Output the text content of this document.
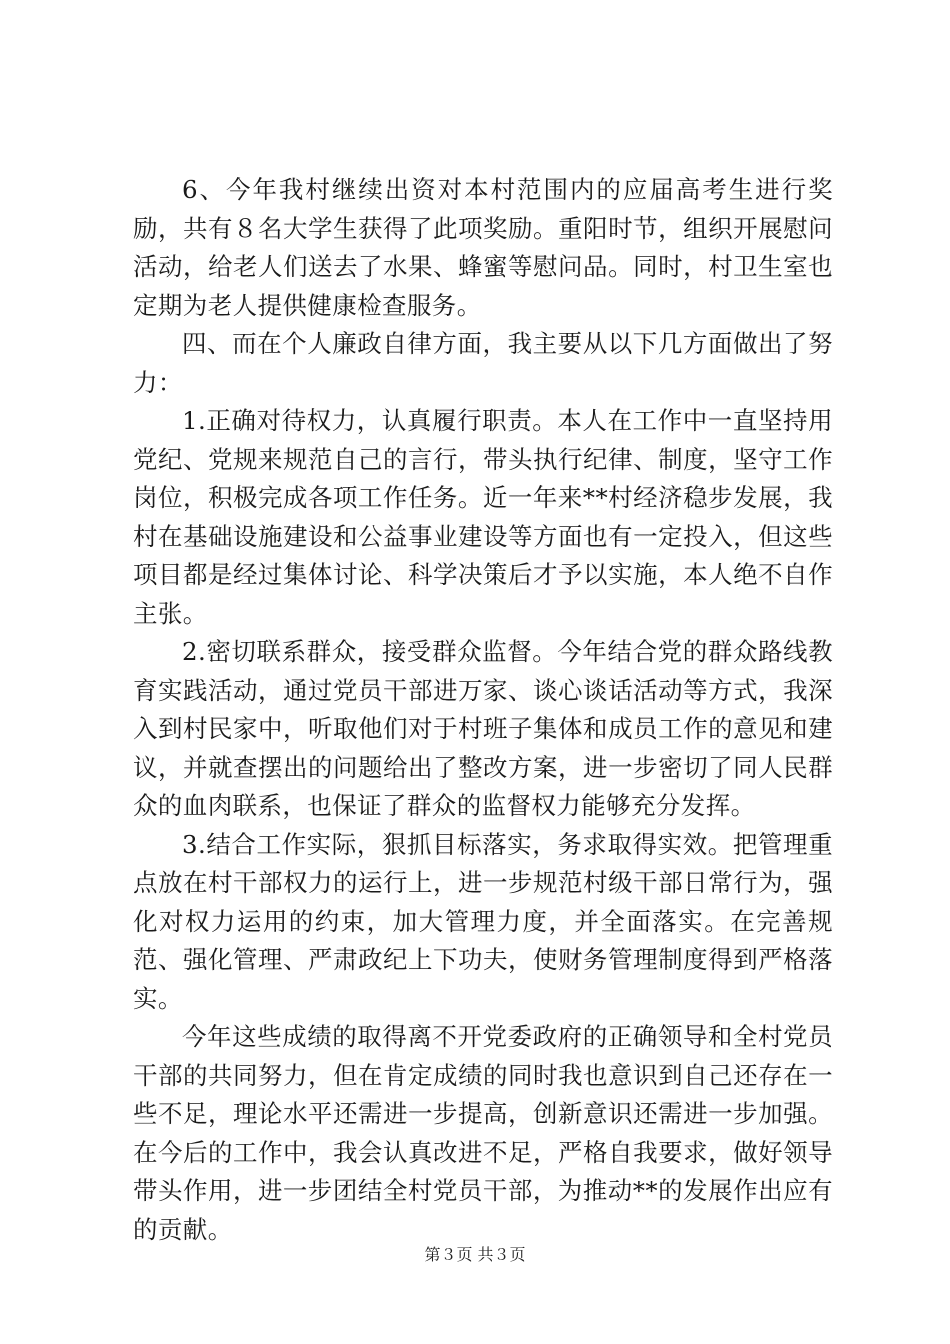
6、今年我村继续出资对本村范围内的应届高考生进行奖励，共有８名大学生获得了此项奖励。重阳时节，组织开展慰问活动，给老人们送去了水果、蜂蜜等慰问品。同时，村卫生室也定期为老人提供健康检查服务。

四、而在个人廉政自律方面，我主要从以下几方面做出了努力：

1.正确对待权力，认真履行职责。本人在工作中一直坚持用党纪、党规来规范自己的言行，带头执行纪律、制度，坚守工作岗位，积极完成各项工作任务。近一年来**村经济稳步发展，我村在基础设施建设和公益事业建设等方面也有一定投入，但这些项目都是经过集体讨论、科学决策后才予以实施，本人绝不自作主张。

2.密切联系群众，接受群众监督。今年结合党的群众路线教育实践活动，通过党员干部进万家、谈心谈话活动等方式，我深入到村民家中，听取他们对于村班子集体和成员工作的意见和建议，并就查摆出的问题给出了整改方案，进一步密切了同人民群众的血肉联系，也保证了群众的监督权力能够充分发挥。

3.结合工作实际，狠抓目标落实，务求取得实效。把管理重点放在村干部权力的运行上，进一步规范村级干部日常行为，强化对权力运用的约束，加大管理力度，并全面落实。在完善规范、强化管理、严肃政纪上下功夫，使财务管理制度得到严格落实。

今年这些成绩的取得离不开党委政府的正确领导和全村党员干部的共同努力，但在肯定成绩的同时我也意识到自己还存在一些不足，理论水平还需进一步提高，创新意识还需进一步加强。在今后的工作中，我会认真改进不足，严格自我要求，做好领导带头作用，进一步团结全村党员干部，为推动**的发展作出应有的贡献。

第３页 共３页
